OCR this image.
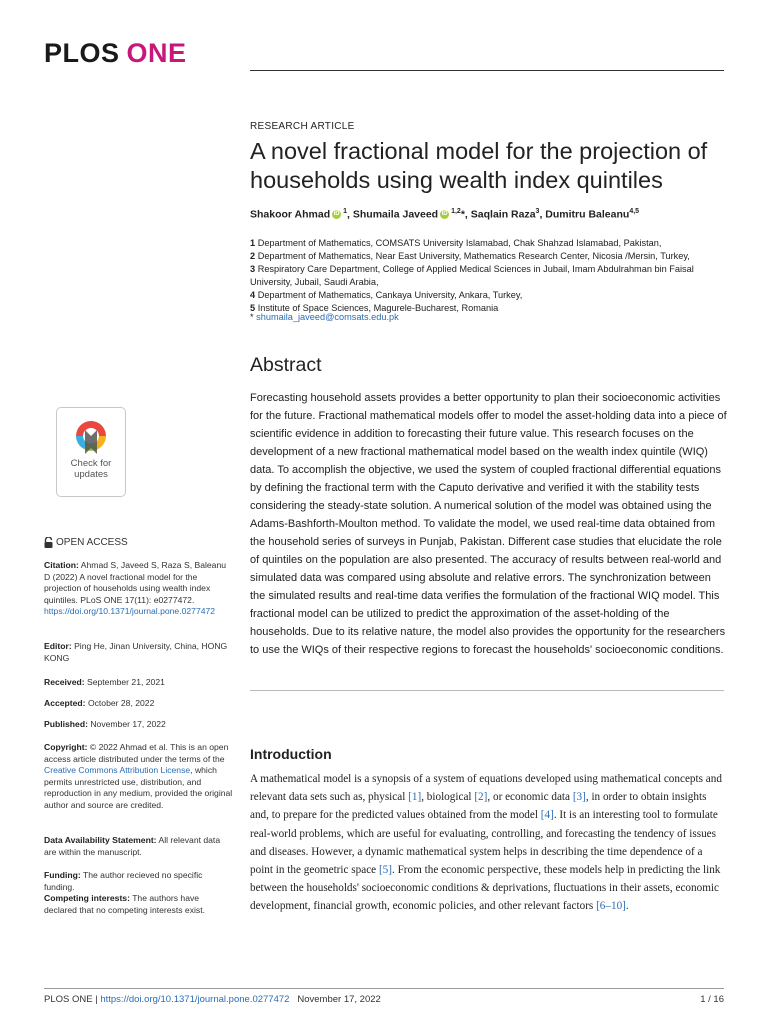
PLOS ONE
RESEARCH ARTICLE
A novel fractional model for the projection of households using wealth index quintiles
Shakoor Ahmad iD $^1$, Shumaila Javeed iD $^{1,2}$*, Saqlain Raza$^3$, Dumitru Baleanu$^{4,5}$
1 Department of Mathematics, COMSATS University Islamabad, Chak Shahzad Islamabad, Pakistan,
2 Department of Mathematics, Near East University, Mathematics Research Center, Nicosia /Mersin, Turkey,
3 Respiratory Care Department, College of Applied Medical Sciences in Jubail, Imam Abdulrahman bin Faisal University, Jubail, Saudi Arabia,
4 Department of Mathematics, Cankaya University, Ankara, Turkey,
5 Institute of Space Sciences, Magurele-Bucharest, Romania
* shumaila_javeed@comsats.edu.pk
Abstract
Forecasting household assets provides a better opportunity to plan their socioeconomic activities for the future. Fractional mathematical models offer to model the asset-holding data into a piece of scientific evidence in addition to forecasting their future value. This research focuses on the development of a new fractional mathematical model based on the wealth index quintile (WIQ) data. To accomplish the objective, we used the system of coupled fractional differential equations by defining the fractional term with the Caputo derivative and verified it with the stability tests considering the steady-state solution. A numerical solution of the model was obtained using the Adams-Bashforth-Moulton method. To validate the model, we used real-time data obtained from the household series of surveys in Punjab, Pakistan. Different case studies that elucidate the role of quintiles on the population are also presented. The accuracy of results between real-world and simulated data was compared using absolute and relative errors. The synchronization between the simulated results and real-time data verifies the formulation of the fractional WIQ model. This fractional model can be utilized to predict the approximation of the asset-holding of the households. Due to its relative nature, the model also provides the opportunity for the researchers to use the WIQs of their respective regions to forecast the households' socioeconomic conditions.
Introduction
A mathematical model is a synopsis of a system of equations developed using mathematical concepts and relevant data sets such as, physical [1], biological [2], or economic data [3], in order to obtain insights and, to prepare for the predicted values obtained from the model [4]. It is an interesting tool to formulate real-world problems, which are useful for evaluating, controlling, and forecasting the tendency of issues and diseases. However, a dynamic mathematical system helps in describing the time dependence of a point in the geometric space [5]. From the economic perspective, these models help in predicting the link between the households' socioeconomic conditions & deprivations, fluctuations in their assets, economic development, financial growth, economic policies, and other relevant factors [6–10].
Check for
updates
OPEN ACCESS
Citation: Ahmad S, Javeed S, Raza S, Baleanu D (2022) A novel fractional model for the projection of households using wealth index quintiles. PLoS ONE 17(11): e0277472. https://doi.org/10.1371/journal.pone.0277472
Editor: Ping He, Jinan University, China, HONG KONG
Received: September 21, 2021
Accepted: October 28, 2022
Published: November 17, 2022
Copyright: © 2022 Ahmad et al. This is an open access article distributed under the terms of the Creative Commons Attribution License, which permits unrestricted use, distribution, and reproduction in any medium, provided the original author and source are credited.
Data Availability Statement: All relevant data are within the manuscript.
Funding: The author recieved no specific funding.
Competing interests: The authors have declared that no competing interests exist.
PLOS ONE | https://doi.org/10.1371/journal.pone.0277472 November 17, 2022	1 / 16
